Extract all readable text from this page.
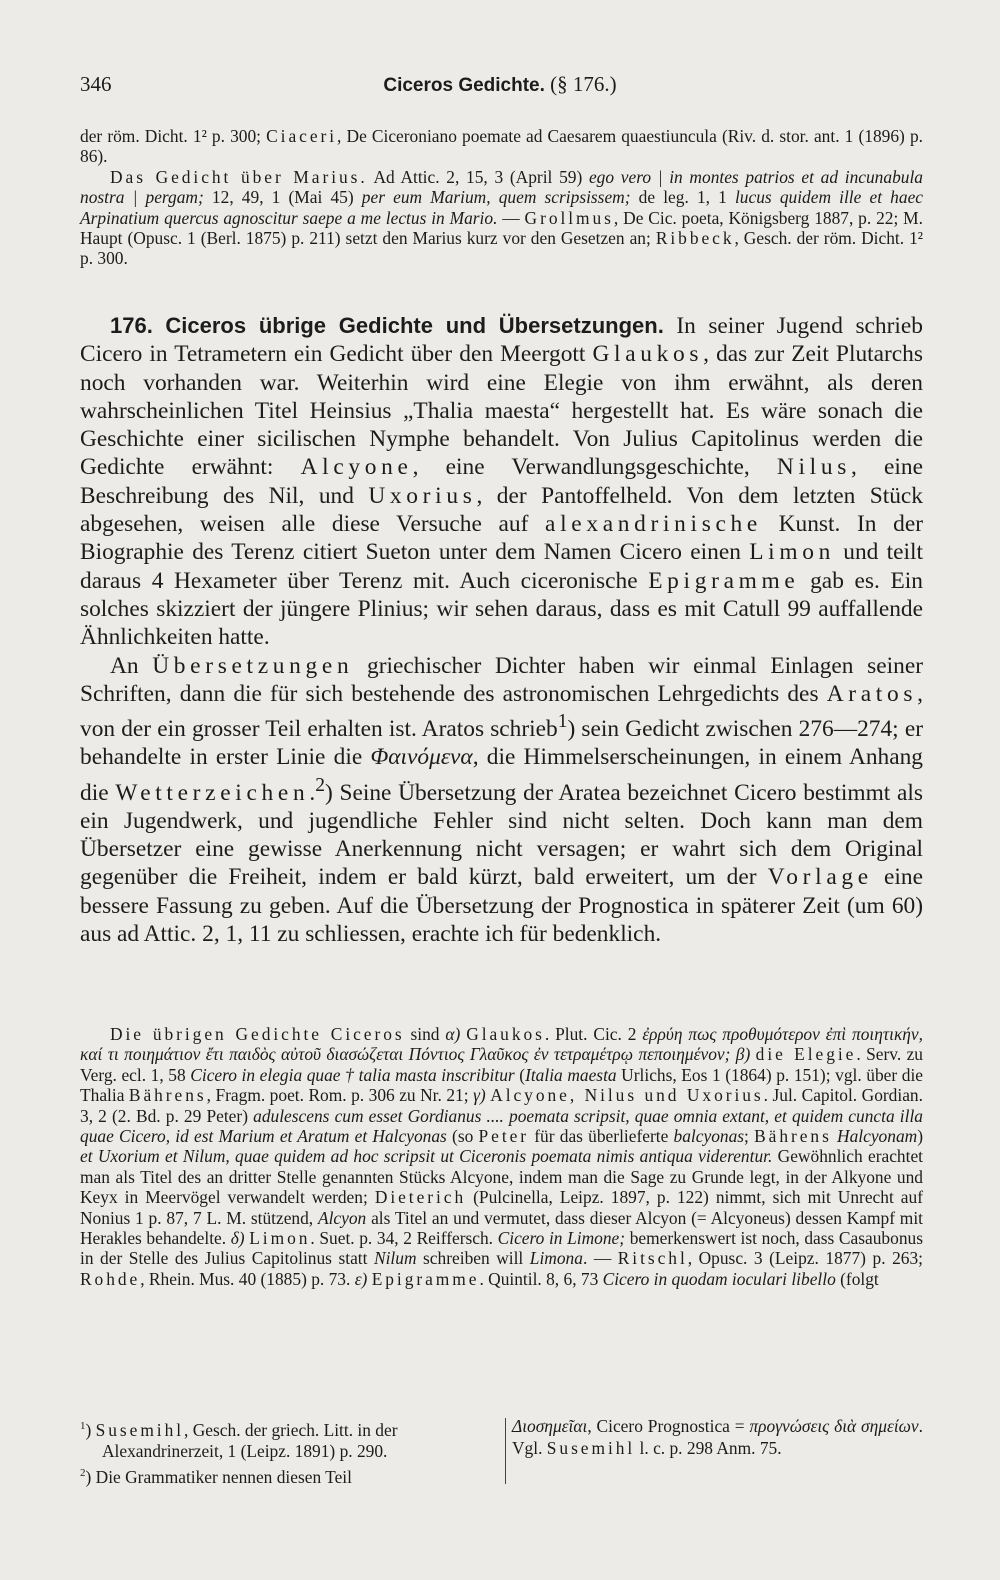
346	Ciceros Gedichte. (§ 176.)

der röm. Dicht. 1² p. 300; Ciaceri, De Ciceroniano poemate ad Caesarem quaestiuncula (Riv. d. stor. ant. 1 (1896) p. 86).

Das Gedicht über Marius. Ad Attic. 2, 15, 3 (April 59) ego vero | in montes patrios et ad incunabula nostra | pergam; 12, 49, 1 (Mai 45) per eum Marium, quem scripsissem; de leg. 1, 1 lucus quidem ille et haec Arpinatium quercus agnoscitur saepe a me lectus in Mario. — Grollmus, De Cic. poeta, Königsberg 1887, p. 22; M. Haupt (Opusc. 1 (Berl. 1875) p. 211) setzt den Marius kurz vor den Gesetzen an; Ribbeck, Gesch. der röm. Dicht. 1² p. 300.

176. Ciceros übrige Gedichte und Übersetzungen. In seiner Jugend schrieb Cicero in Tetrametern ein Gedicht über den Meergott Glaukos, das zur Zeit Plutarchs noch vorhanden war. Weiterhin wird eine Elegie von ihm erwähnt, als deren wahrscheinlichen Titel Heinsius „Thalia maesta“ hergestellt hat. Es wäre sonach die Geschichte einer sicilischen Nymphe behandelt. Von Julius Capitolinus werden die Gedichte erwähnt: Alcyone, eine Verwandlungsgeschichte, Nilus, eine Beschreibung des Nil, und Uxorius, der Pantoffelheld. Von dem letzten Stück abgesehen, weisen alle diese Versuche auf alexandrinische Kunst. In der Biographie des Terenz citiert Sueton unter dem Namen Cicero einen Limon und teilt daraus 4 Hexameter über Terenz mit. Auch ciceronische Epigramme gab es. Ein solches skizziert der jüngere Plinius; wir sehen daraus, dass es mit Catull 99 auffallende Ähnlichkeiten hatte.

An Übersetzungen griechischer Dichter haben wir einmal Einlagen seiner Schriften, dann die für sich bestehende des astronomischen Lehrgedichts des Aratos, von der ein grosser Teil erhalten ist. Aratos schrieb$^1$) sein Gedicht zwischen 276—274; er behandelte in erster Linie die Φαινόμενα, die Himmelserscheinungen, in einem Anhang die Wetterzeichen.$^2$) Seine Übersetzung der Aratea bezeichnet Cicero bestimmt als ein Jugendwerk, und jugendliche Fehler sind nicht selten. Doch kann man dem Übersetzer eine gewisse Anerkennung nicht versagen; er wahrt sich dem Original gegenüber die Freiheit, indem er bald kürzt, bald erweitert, um der Vorlage eine bessere Fassung zu geben. Auf die Übersetzung der Prognostica in späterer Zeit (um 60) aus ad Attic. 2, 1, 11 zu schliessen, erachte ich für bedenklich.

Die übrigen Gedichte Ciceros sind α) Glaukos. Plut. Cic. 2 ἐρρύη πως προθυμότερον ἐπὶ ποιητικήν, καί τι ποιημάτιον ἔτι παιδὸς αὐτοῦ διασώζεται Πόντιος Γλαῦκος ἐν τετραμέτρῳ πεποιημένον; β) die Elegie. Serv. zu Verg. ecl. 1, 58 Cicero in elegia quae † talia masta inscribitur (Italia maesta Urlichs, Eos 1 (1864) p. 151); vgl. über die Thalia Bährens, Fragm. poet. Rom. p. 306 zu Nr. 21; γ) Alcyone, Nilus und Uxorius. Jul. Capitol. Gordian. 3, 2 (2. Bd. p. 29 Peter) adulescens cum esset Gordianus .... poemata scripsit, quae omnia extant, et quidem cuncta illa quae Cicero, id est Marium et Aratum et Halcyonas (so Peter für das überlieferte balcyonas; Bährens Halcyonam) et Uxorium et Nilum, quae quidem ad hoc scripsit ut Ciceronis poemata nimis antiqua viderentur. Gewöhnlich erachtet man als Titel des an dritter Stelle genannten Stücks Alcyone, indem man die Sage zu Grunde legt, in der Alkyone und Keyx in Meervögel verwandelt werden; Dieterich (Pulcinella, Leipz. 1897, p. 122) nimmt, sich mit Unrecht auf Nonius 1 p. 87, 7 L. M. stützend, Alcyon als Titel an und vermutet, dass dieser Alcyon (= Alcyoneus) dessen Kampf mit Herakles behandelte. δ) Limon. Suet. p. 34, 2 Reiffersch. Cicero in Limone; bemerkenswert ist noch, dass Casaubonus in der Stelle des Julius Capitolinus statt Nilum schreiben will Limona. — Ritschl, Opusc. 3 (Leipz. 1877) p. 263; Rohde, Rhein. Mus. 40 (1885) p. 73. ε) Epigramme. Quintil. 8, 6, 73 Cicero in quodam ioculari libello (folgt

$^1$) Susemihl, Gesch. der griech. Litt. in der Alexandrinerzeit, 1 (Leipz. 1891) p. 290.
$^2$) Die Grammatiker nennen diesen Teil
Διοσημεῖαι, Cicero Prognostica = προγνώσεις διὰ σημείων. Vgl. Susemihl l. c. p. 298 Anm. 75.
